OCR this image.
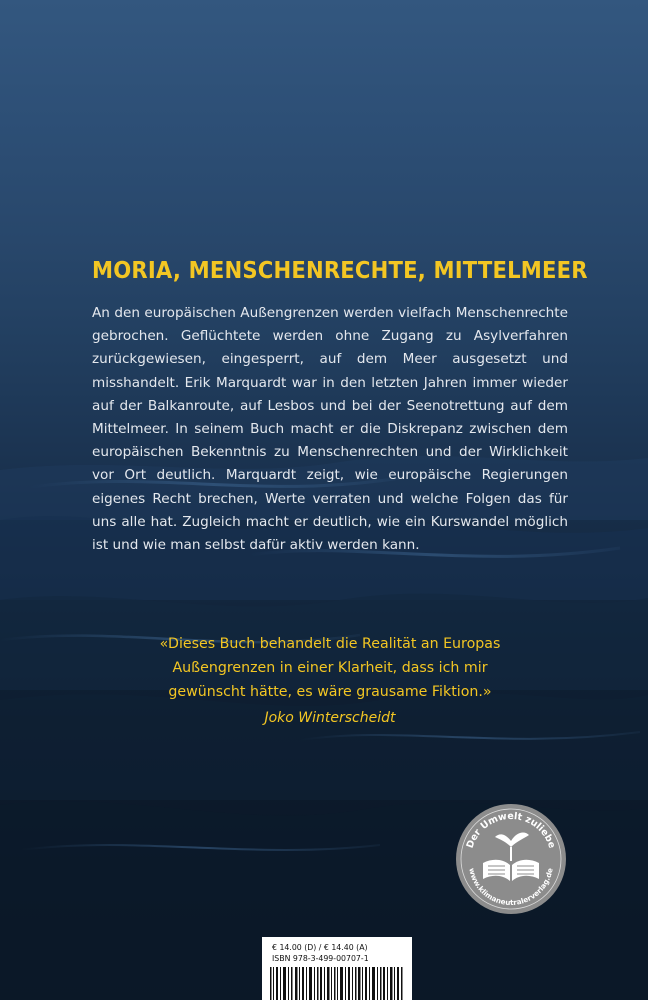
MORIA, MENSCHENRECHTE, MITTELMEER
An den europäischen Außengrenzen werden vielfach Menschenrechte gebrochen. Geflüchtete werden ohne Zugang zu Asylverfahren zurückgewiesen, eingesperrt, auf dem Meer ausgesetzt und misshandelt. Erik Marquardt war in den letzten Jahren immer wieder auf der Balkanroute, auf Lesbos und bei der Seenotrettung auf dem Mittelmeer. In seinem Buch macht er die Diskrepanz zwischen dem europäischen Bekenntnis zu Menschenrechten und der Wirklichkeit vor Ort deutlich. Marquardt zeigt, wie europäische Regierungen eigenes Recht brechen, Werte verraten und welche Folgen das für uns alle hat. Zugleich macht er deutlich, wie ein Kurswandel möglich ist und wie man selbst dafür aktiv werden kann.
«Dieses Buch behandelt die Realität an Europas
Außengrenzen in einer Klarheit, dass ich mir
gewünscht hätte, es wäre grausame Fiktion.»
Joko Winterscheidt
Der Umwelt zuliebe
www.klimaneutralerverlag.de
€ 14.00 (D) / € 14.40 (A)
ISBN 978-3-499-00707-1
